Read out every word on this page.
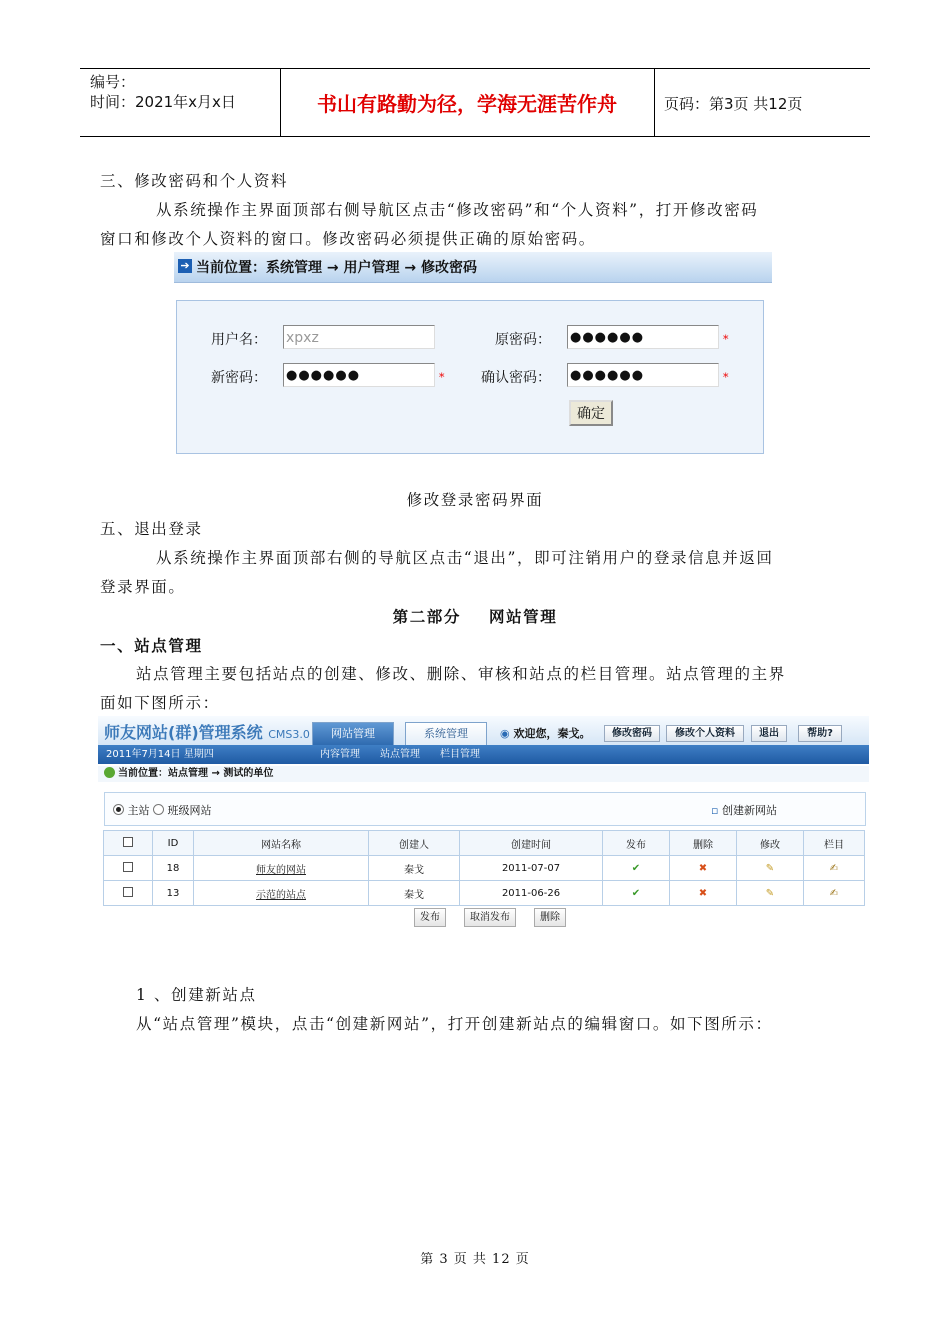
编号：
时间：2021年x月x日	书山有路勤为径，学海无涯苦作舟	页码：第3页 共12页
三、修改密码和个人资料
从系统操作主界面顶部右侧导航区点击“修改密码”和“个人资料”，打开修改密码
窗口和修改个人资料的窗口。修改密码必须提供正确的原始密码。
➔ 当前位置：系统管理 → 用户管理 → 修改密码
用户名： xpxz	原密码： ●●●●●●	*
新密码： ●●●●●●	*	确认密码： ●●●●●●	*
确定
修改登录密码界面
五、退出登录
从系统操作主界面顶部右侧的导航区点击“退出”，即可注销用户的登录信息并返回
登录界面。
第二部分    网站管理
一、站点管理
站点管理主要包括站点的创建、修改、删除、审核和站点的栏目管理。站点管理的主界
面如下图所示：
师友网站(群)管理系统 CMS3.0	网站管理	系统管理	◉ 欢迎您，秦戈。	修改密码	修改个人资料	退出	帮助?
2011年7月14日 星期四	内容管理 站点管理 栏目管理
当前位置：站点管理 → 测试的单位
主站	班级网站	▫ 创建新网站
	ID	网站名称	创建人	创建时间	发布	删除	修改	栏目
	18	师友的网站	秦戈	2011-07-07	✔	✖	✎	✍
	13	示范的站点	秦戈	2011-06-26	✔	✖	✎	✍
发布	取消发布	删除
1 、创建新站点
从“站点管理”模块，点击“创建新网站”，打开创建新站点的编辑窗口。如下图所示：
第 3 页 共 12 页
